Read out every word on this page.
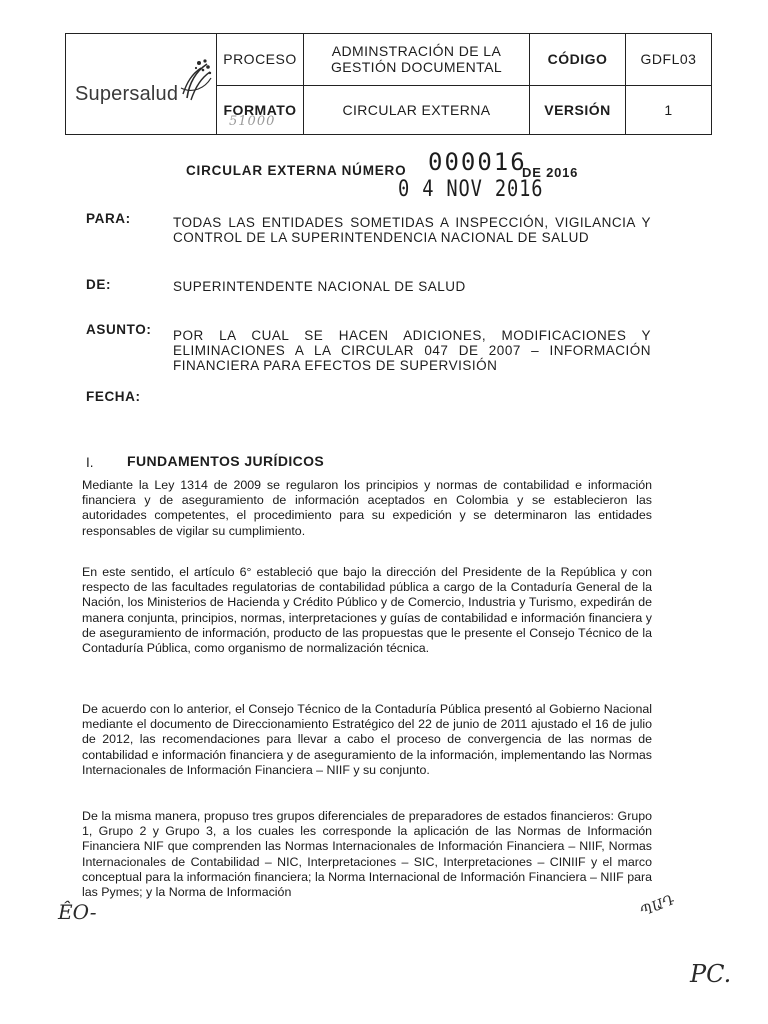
Supersalud	PROCESO	ADMINSTRACIÓN DE LA GESTIÓN DOCUMENTAL	CÓDIGO	GDFL03
	FORMATO	CIRCULAR EXTERNA	VERSIÓN	1
51000
CIRCULAR EXTERNA NÚMERO 000016
DE 2016
0 4 NOV 2016
PARA:	TODAS LAS ENTIDADES SOMETIDAS A INSPECCIÓN, VIGILANCIA Y
CONTROL DE LA SUPERINTENDENCIA NACIONAL DE SALUD
DE:	SUPERINTENDENTE NACIONAL DE SALUD
ASUNTO: POR LA CUAL SE HACEN ADICIONES, MODIFICACIONES Y
ELIMINACIONES A LA CIRCULAR 047 DE 2007 – INFORMACIÓN
FINANCIERA PARA EFECTOS DE SUPERVISIÓN
FECHA:
I. FUNDAMENTOS JURÍDICOS

Mediante la Ley 1314 de 2009 se regularon los principios y normas de contabilidad e información financiera y de aseguramiento de información aceptados en Colombia y se establecieron las autoridades competentes, el procedimiento para su expedición y se determinaron las entidades responsables de vigilar su cumplimiento.

En este sentido, el artículo 6° estableció que bajo la dirección del Presidente de la República y con respecto de las facultades regulatorias de contabilidad pública a cargo de la Contaduría General de la Nación, los Ministerios de Hacienda y Crédito Público y de Comercio, Industria y Turismo, expedirán de manera conjunta, principios, normas, interpretaciones y guías de contabilidad e información financiera y de aseguramiento de información, producto de las propuestas que le presente el Consejo Técnico de la Contaduría Pública, como organismo de normalización técnica.

De acuerdo con lo anterior, el Consejo Técnico de la Contaduría Pública presentó al Gobierno Nacional mediante el documento de Direccionamiento Estratégico del 22 de junio de 2011 ajustado el 16 de julio de 2012, las recomendaciones para llevar a cabo el proceso de convergencia de las normas de contabilidad e información financiera y de aseguramiento de la información, implementando las Normas Internacionales de Información Financiera – NIIF y su conjunto.

De la misma manera, propuso tres grupos diferenciales de preparadores de estados financieros: Grupo 1, Grupo 2 y Grupo 3, a los cuales les corresponde la aplicación de las Normas de Información Financiera NIF que comprenden las Normas Internacionales de Información Financiera – NIIF, Normas Internacionales de Contabilidad – NIC, Interpretaciones – SIC, Interpretaciones – CINIIF y el marco conceptual para la información financiera; la Norma Internacional de Información Financiera – NIIF para las Pymes; y la Norma de Información

ÊO-	ՊԱԴ
PC.
